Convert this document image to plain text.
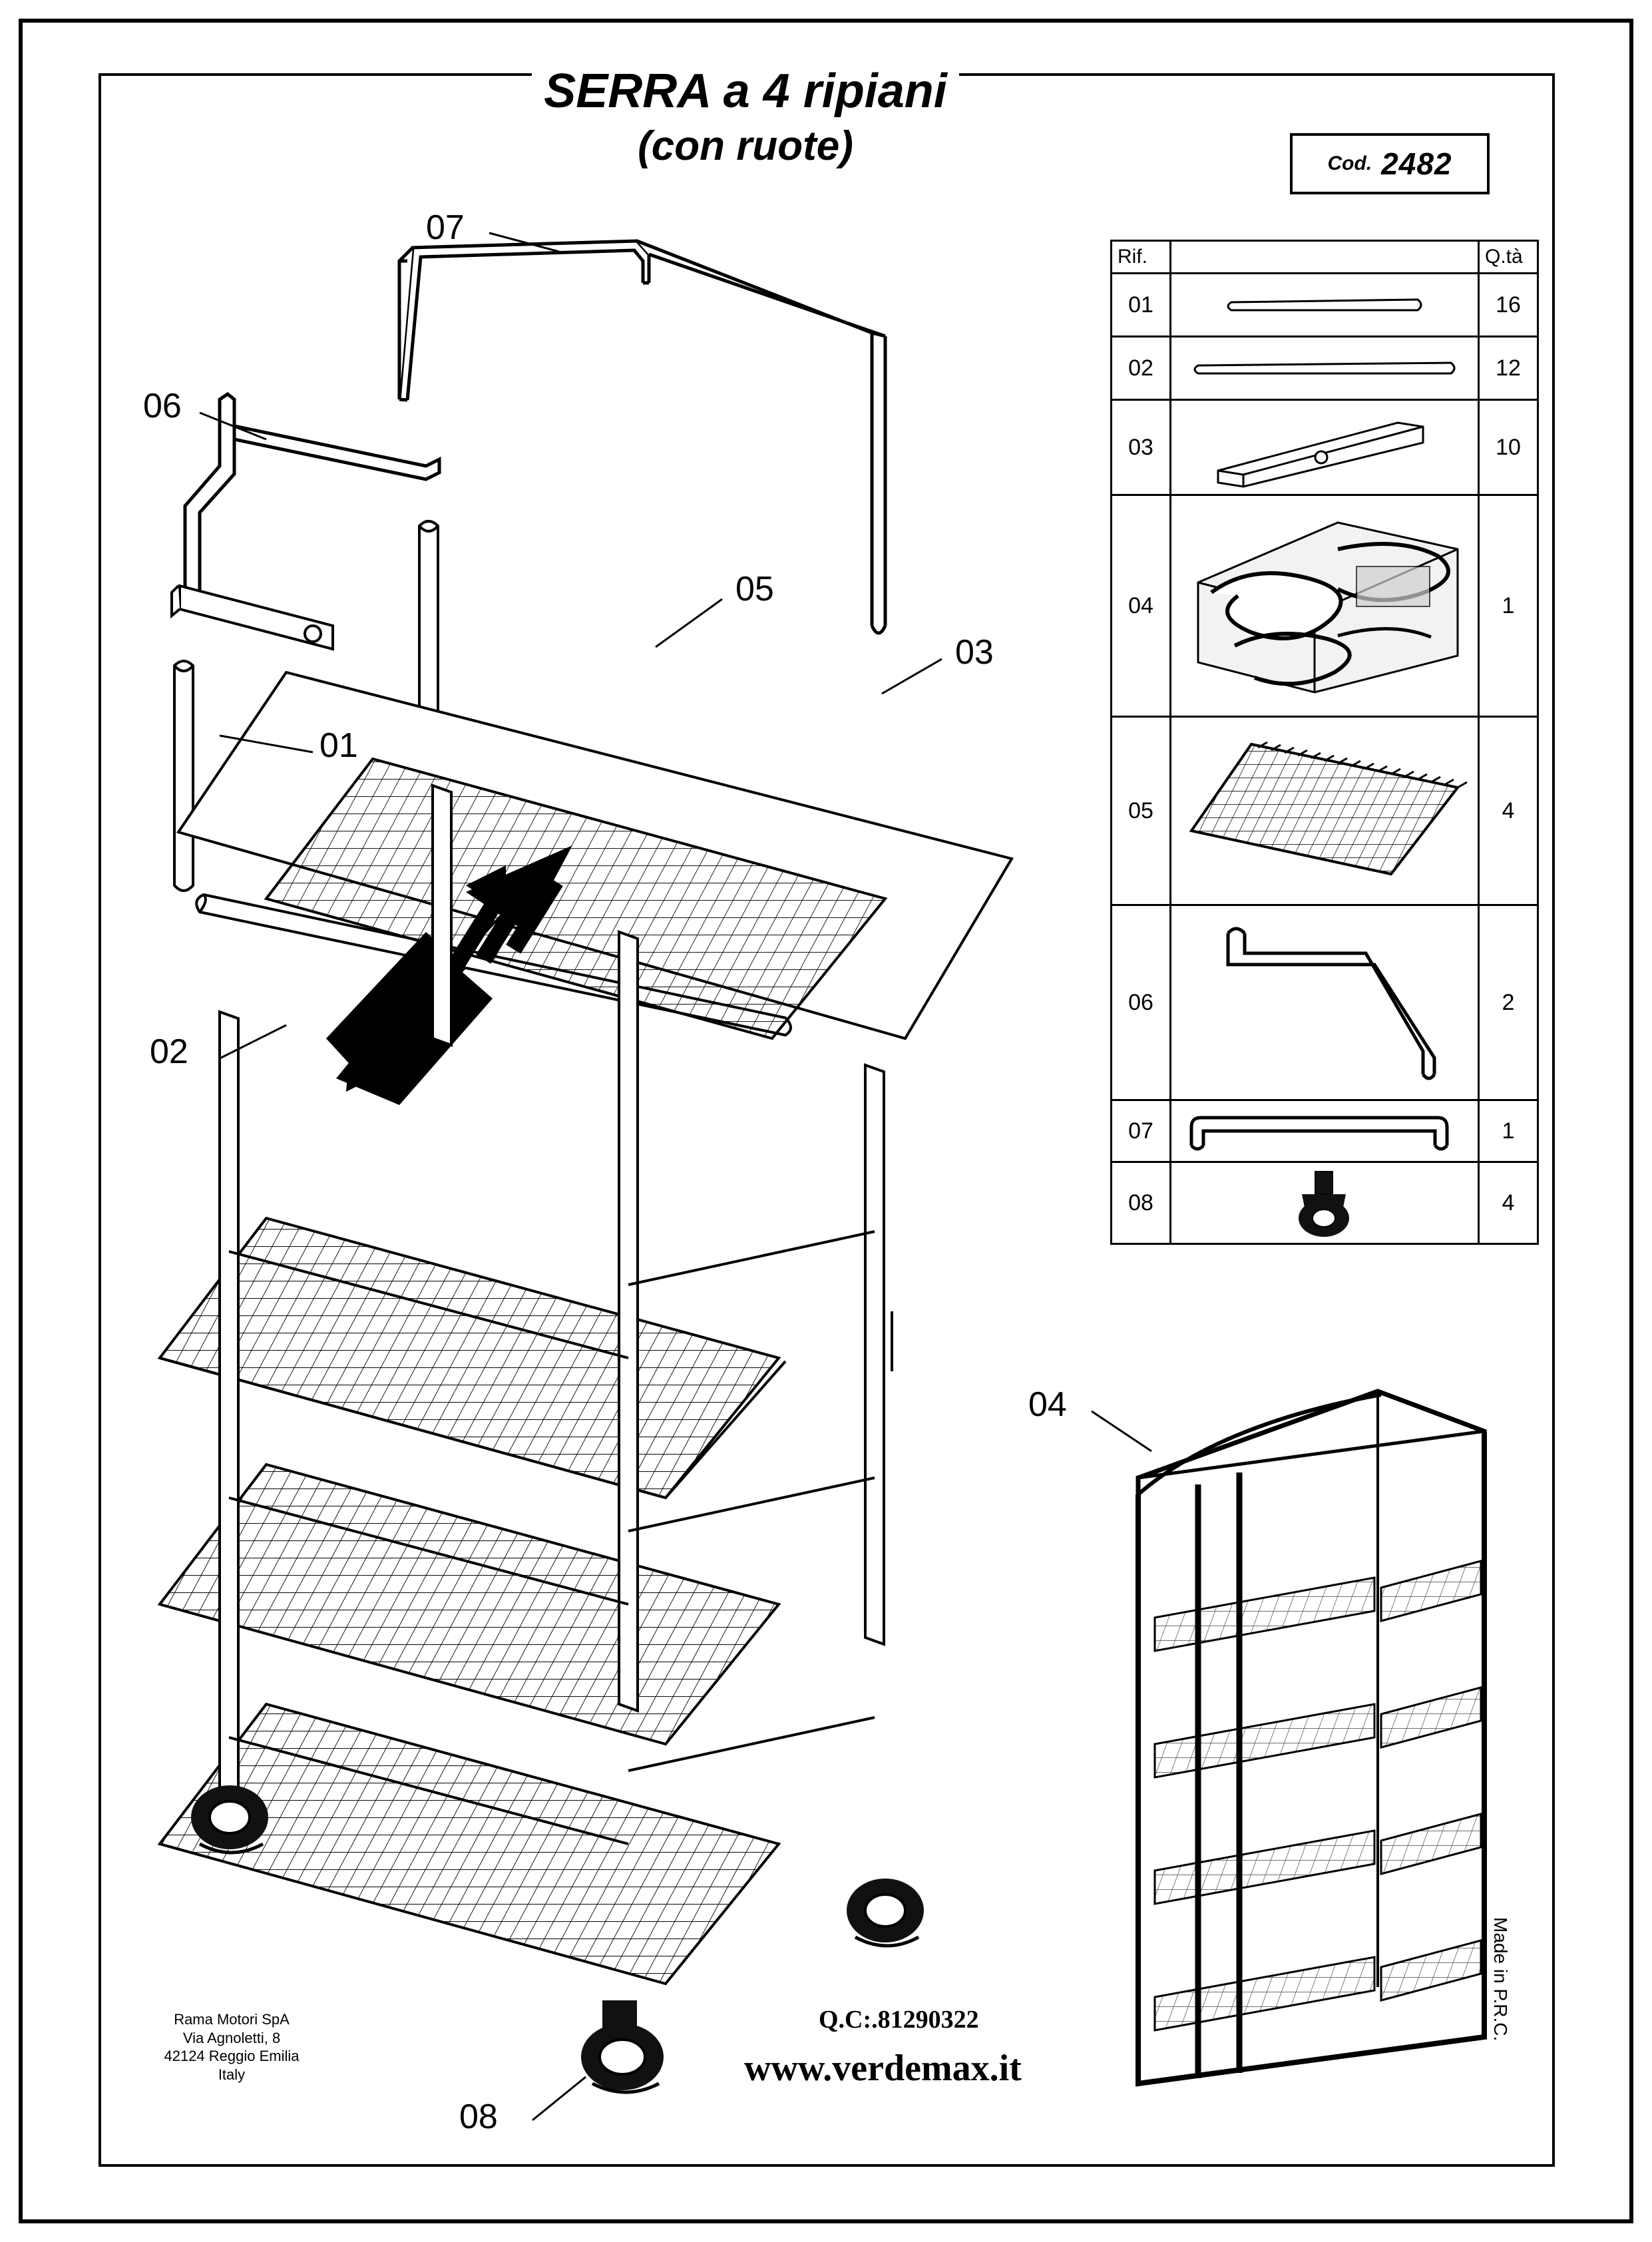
SERRA a 4 ripiani
(con ruote)	Cod. 2482
07
06
05
03
01
02
08
04
Rif.		Q.tà
01		16
02		12
03		10
04		1
05		4
06		2
07		1
08		4
Rama Motori SpA
Via Agnoletti, 8
42124 Reggio Emilia
Italy
Q.C:.81290322
www.verdemax.it
Made in P.R.C.
